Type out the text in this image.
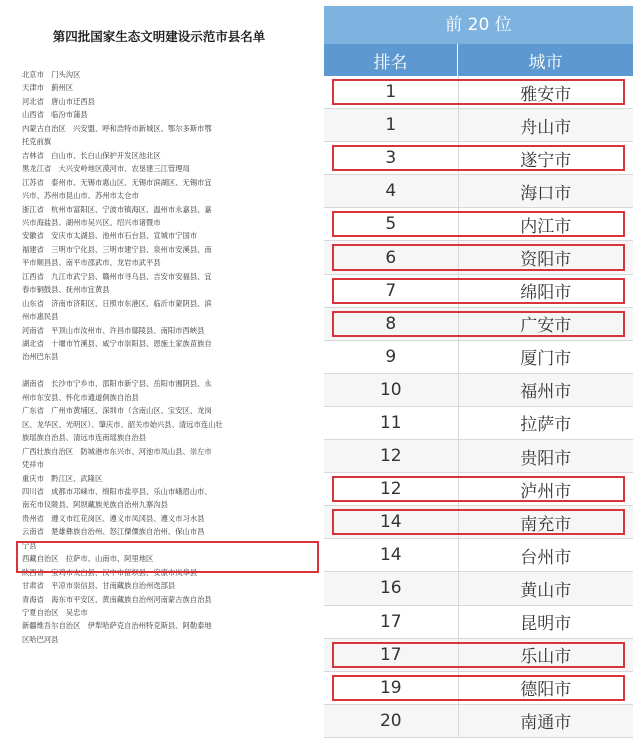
第四批国家生态文明建设示范市县名单
北京市　门头沟区
天津市　蓟州区
河北省　唐山市迁西县
山西省　临汾市蒲县
内蒙古自治区　兴安盟、呼和浩特市新城区、鄂尔多斯市鄂
托克前旗
吉林省　白山市、长白山保护开发区池北区
黑龙江省　大兴安岭地区漠河市、农垦建三江管理局
江苏省　泰州市、无锡市惠山区、无锡市滨湖区、无锡市宜
兴市、苏州市昆山市、苏州市太仓市
浙江省　杭州市富阳区、宁波市镇海区、温州市永嘉县、嘉
兴市海盐县、湖州市吴兴区、绍兴市诸暨市
安徽省　安庆市太湖县、池州市石台县、宣城市宁国市
福建省　三明市宁化县、三明市建宁县、泉州市安溪县、南
平市顺昌县、南平市邵武市、龙岩市武平县
江西省　九江市武宁县、赣州市寻乌县、吉安市安福县、宜
春市铜鼓县、抚州市宜黄县
山东省　济南市济阳区、日照市东港区、临沂市蒙阴县、滨
州市惠民县
河南省　平顶山市汝州市、许昌市鄢陵县、南阳市西峡县
湖北省　十堰市竹溪县、咸宁市崇阳县、恩施土家族苗族自
治州巴东县
湖南省　长沙市宁乡市、邵阳市新宁县、岳阳市湘阴县、永
州市东安县、怀化市通道侗族自治县
广东省　广州市黄埔区、深圳市（含南山区、宝安区、龙岗
区、龙华区、光明区）、肇庆市、韶关市始兴县、清远市连山壮
族瑶族自治县、清远市连南瑶族自治县
广西壮族自治区　防城港市东兴市、河池市凤山县、崇左市
凭祥市
重庆市　黔江区、武隆区
四川省　成都市邛崃市、绵阳市盐亭县、乐山市峨眉山市、
南充市仪陇县、阿坝藏族羌族自治州九寨沟县
贵州省　遵义市红花岗区、遵义市凤冈县、遵义市习水县
云南省　楚雄彝族自治州、怒江傈僳族自治州、保山市昌
宁县
西藏自治区　拉萨市、山南市、阿里地区
陕西省　宝鸡市太白县、汉中市留坝县、安康市岚皋县
甘肃省　平凉市崇信县、甘南藏族自治州迭部县
青海省　海东市平安区、黄南藏族自治州河南蒙古族自治县
宁夏自治区　吴忠市
新疆维吾尔自治区　伊犁哈萨克自治州特克斯县、阿勒泰地
区哈巴河县
前 20 位
排名	城市
1	雅安市
1	舟山市
3	遂宁市
4	海口市
5	内江市
6	资阳市
7	绵阳市
8	广安市
9	厦门市
10	福州市
11	拉萨市
12	贵阳市
12	泸州市
14	南充市
14	台州市
16	黄山市
17	昆明市
17	乐山市
19	德阳市
20	南通市
